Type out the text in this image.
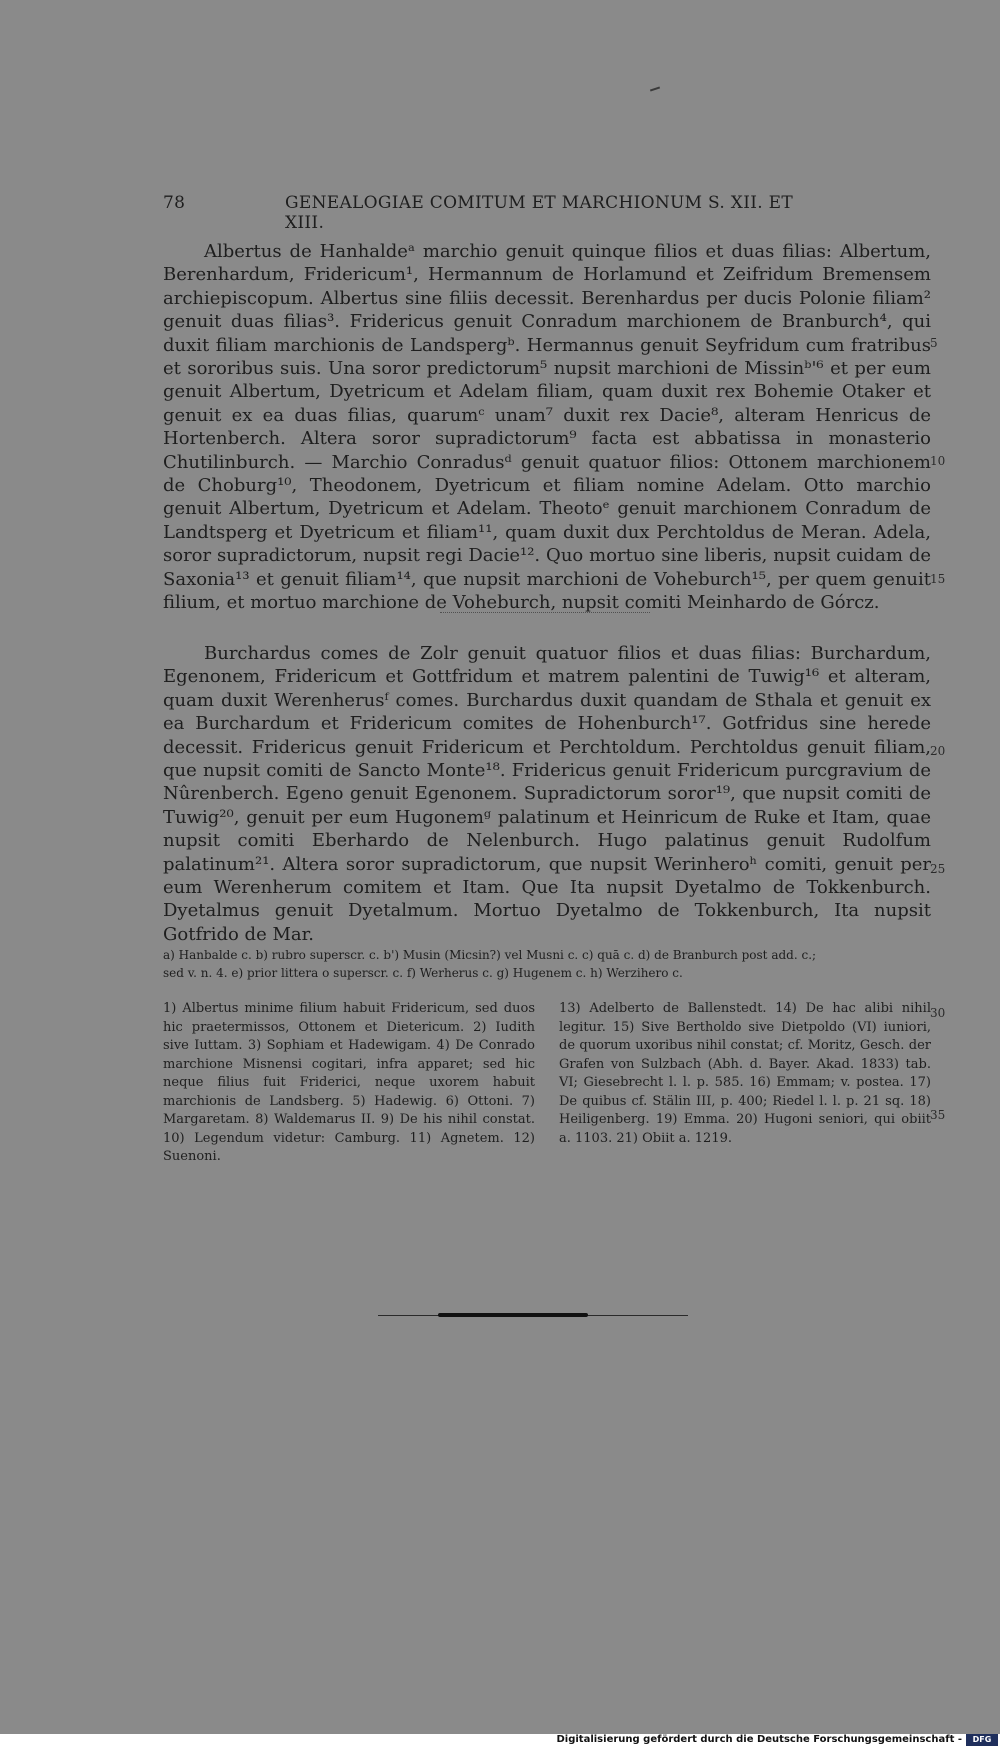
78	GENEALOGIAE COMITUM ET MARCHIONUM S. XII. ET XIII.
Albertus de Hanhaldeᵃ marchio genuit quinque filios et duas filias: Albertum, Berenhardum, Fridericum¹, Hermannum de Horlamund et Zeifridum Bremensem archiepiscopum. Albertus sine filiis decessit. Berenhardus per ducis Polonie filiam² genuit duas filias³. Fridericus genuit Conradum marchionem de Branburch⁴, qui duxit filiam marchionis de Landspergᵇ. Hermannus genuit Seyfridum cum fratribus et sororibus suis. Una soror predictorum⁵ nupsit marchioni de Missinᵇ'⁶ et per eum genuit Albertum, Dyetricum et Adelam filiam, quam duxit rex Bohemie Otaker et genuit ex ea duas filias, quarumᶜ unam⁷ duxit rex Dacie⁸, alteram Henricus de Hortenberch. Altera soror supradictorum⁹ facta est abbatissa in monasterio Chutilinburch. — Marchio Conradusᵈ genuit quatuor filios: Ottonem marchionem de Choburg¹⁰, Theodonem, Dyetricum et filiam nomine Adelam. Otto marchio genuit Albertum, Dyetricum et Adelam. Theotoᵉ genuit marchionem Conradum de Landtsperg et Dyetricum et filiam¹¹, quam duxit dux Perchtoldus de Meran. Adela, soror supradictorum, nupsit regi Dacie¹². Quo mortuo sine liberis, nupsit cuidam de Saxonia¹³ et genuit filiam¹⁴, que nupsit marchioni de Voheburch¹⁵, per quem genuit filium, et mortuo marchione de Voheburch, nupsit comiti Meinhardo de Górcz.
Burchardus comes de Zolr genuit quatuor filios et duas filias: Burchardum, Egenonem, Fridericum et Gottfridum et matrem palentini de Tuwig¹⁶ et alteram, quam duxit Werenherusᶠ comes. Burchardus duxit quandam de Sthala et genuit ex ea Burchardum et Fridericum comites de Hohenburch¹⁷. Gotfridus sine herede decessit. Fridericus genuit Fridericum et Perchtoldum. Perchtoldus genuit filiam, que nupsit comiti de Sancto Monte¹⁸. Fridericus genuit Fridericum purcgravium de Nûrenberch. Egeno genuit Egenonem. Supradictorum soror¹⁹, que nupsit comiti de Tuwig²⁰, genuit per eum Hugonemᵍ palatinum et Heinricum de Ruke et Itam, quae nupsit comiti Eberhardo de Nelenburch. Hugo palatinus genuit Rudolfum palatinum²¹. Altera soror supradictorum, que nupsit Werinheroʰ comiti, genuit per eum Werenherum comitem et Itam. Que Ita nupsit Dyetalmo de Tokkenburch. Dyetalmus genuit Dyetalmum. Mortuo Dyetalmo de Tokkenburch, Ita nupsit Gotfrido de Mar.
5
10
15
20
25
30
35

a) Hanbalde c. b) rubro superscr. c. b') Musin (Micsin?) vel Musni c. c) quā c. d) de Branburch post add. c.;

sed v. n. 4. e) prior littera o superscr. c. f) Werherus c. g) Hugenem c. h) Werzihero c.

1) Albertus minime filium habuit Fridericum, sed duos hic praetermissos, Ottonem et Dietericum. 2) Iudith sive Iuttam. 3) Sophiam et Hadewigam. 4) De Conrado marchione Misnensi cogitari, infra apparet; sed hic neque filius fuit Friderici, neque uxorem habuit marchionis de Landsberg. 5) Hadewig. 6) Ottoni. 7) Margaretam. 8) Waldemarus II. 9) De his nihil constat. 10) Legendum videtur: Camburg. 11) Agnetem. 12) Suenoni.

13) Adelberto de Ballenstedt. 14) De hac alibi nihil legitur. 15) Sive Bertholdo sive Dietpoldo (VI) iuniori, de quorum uxoribus nihil constat; cf. Moritz, Gesch. der Grafen von Sulzbach (Abh. d. Bayer. Akad. 1833) tab. VI; Giesebrecht l. l. p. 585. 16) Emmam; v. postea. 17) De quibus cf. Stälin III, p. 400; Riedel l. l. p. 21 sq. 18) Heiligenberg. 19) Emma. 20) Hugoni seniori, qui obiit a. 1103. 21) Obiit a. 1219.

Digitalisierung gefördert durch die Deutsche Forschungsgemeinschaft -	DFG
